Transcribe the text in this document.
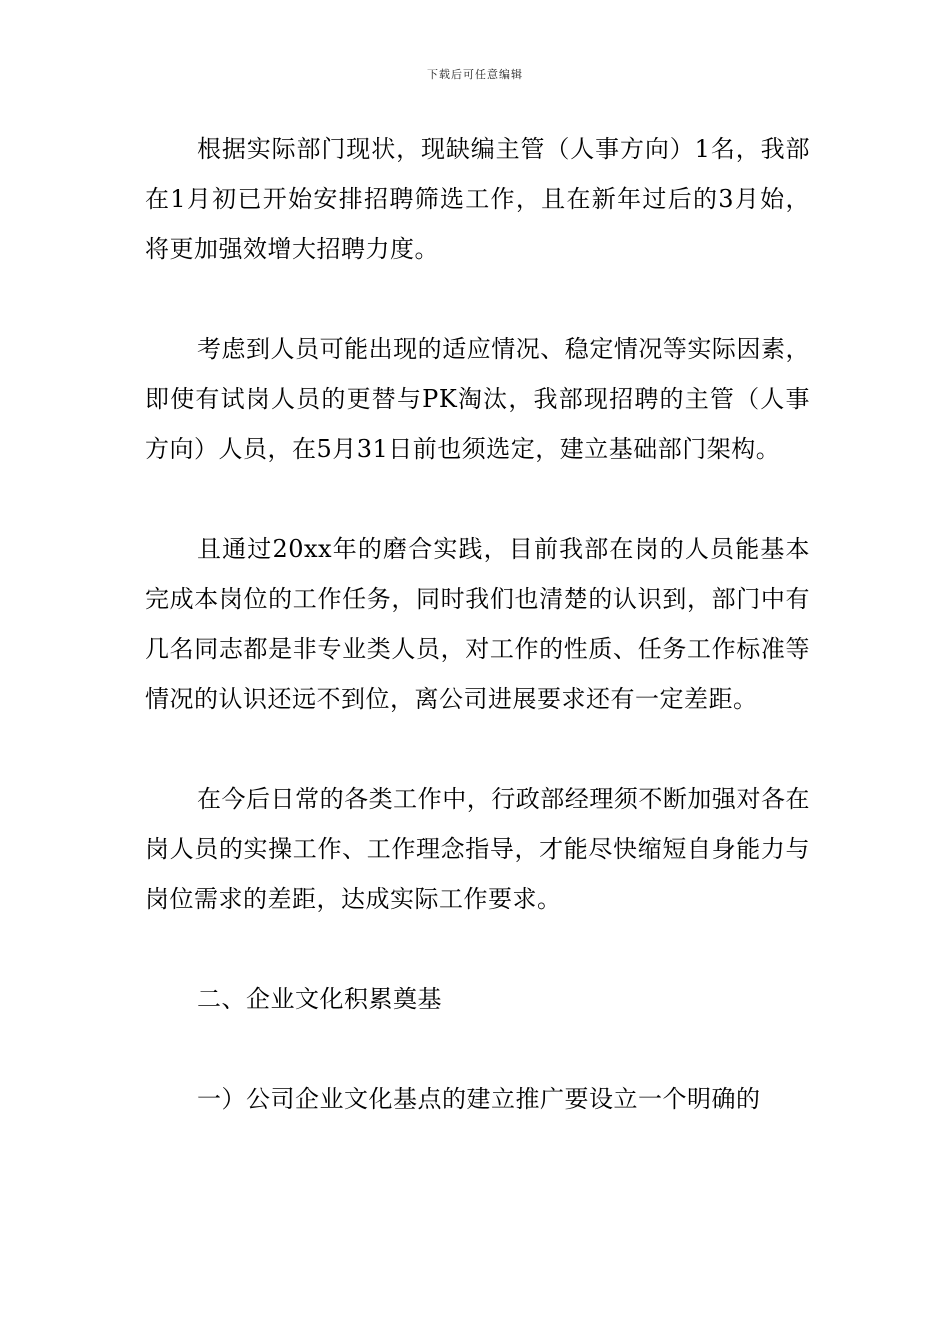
下载后可任意编辑

根据实际部门现状，现缺编主管（人事方向）1名，我部在1月初已开始安排招聘筛选工作，且在新年过后的3月始，将更加强效增大招聘力度。

考虑到人员可能出现的适应情况、稳定情况等实际因素，即使有试岗人员的更替与PK淘汰，我部现招聘的主管（人事方向）人员，在5月31日前也须选定，建立基础部门架构。

且通过20xx年的磨合实践，目前我部在岗的人员能基本完成本岗位的工作任务，同时我们也清楚的认识到，部门中有几名同志都是非专业类人员，对工作的性质、任务工作标准等情况的认识还远不到位，离公司进展要求还有一定差距。

在今后日常的各类工作中，行政部经理须不断加强对各在岗人员的实操工作、工作理念指导，才能尽快缩短自身能力与岗位需求的差距，达成实际工作要求。

二、企业文化积累奠基

一）公司企业文化基点的建立推广要设立一个明确的
